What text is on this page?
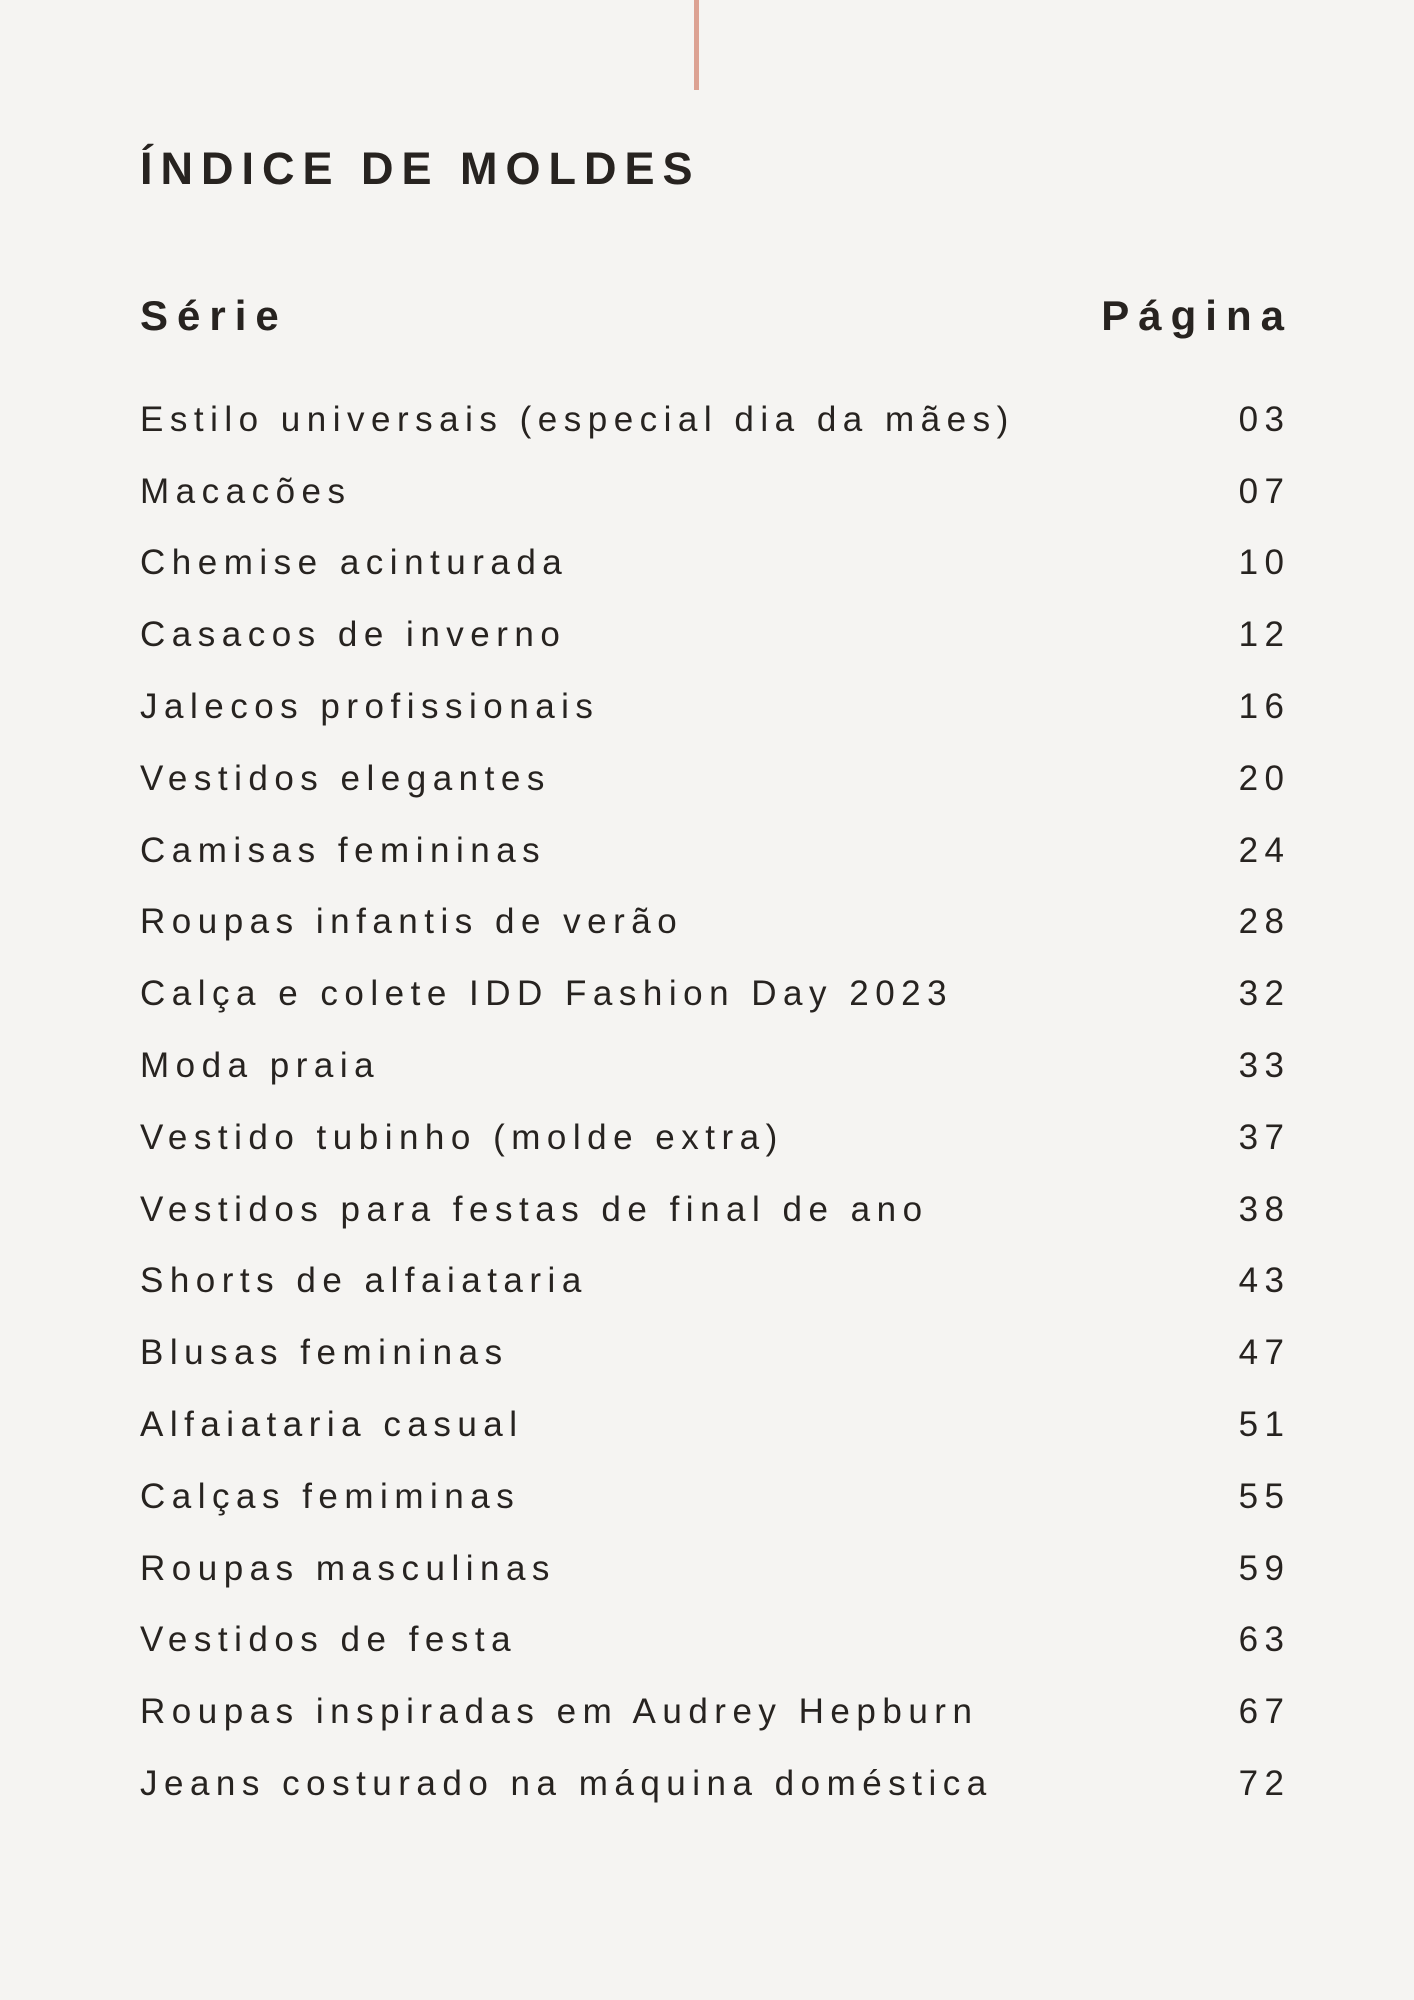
ÍNDICE DE MOLDES
Série	Página
Estilo universais (especial dia da mães)	03
Macacões	07
Chemise acinturada	10
Casacos de inverno	12
Jalecos profissionais	16
Vestidos elegantes	20
Camisas femininas	24
Roupas infantis de verão	28
Calça e colete IDD Fashion Day 2023	32
Moda praia	33
Vestido tubinho (molde extra)	37
Vestidos para festas de final de ano	38
Shorts de alfaiataria	43
Blusas femininas	47
Alfaiataria casual	51
Calças femiminas	55
Roupas masculinas	59
Vestidos de festa	63
Roupas inspiradas em Audrey Hepburn	67
Jeans costurado na máquina doméstica	72
